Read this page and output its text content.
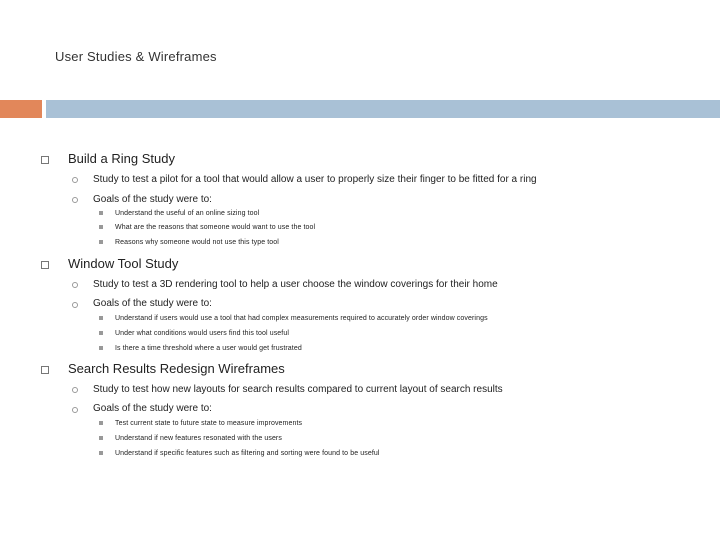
User Studies & Wireframes
Build a Ring Study
Study to test a pilot for a tool that would allow a user to properly size their finger to be fitted for a ring
Goals of the study were to:
Understand the useful of an online sizing tool
What are the reasons that someone would want to use the tool
Reasons why someone would not use this type tool
Window Tool Study
Study to test a 3D rendering tool to help a user choose the window coverings for their home
Goals of the study were to:
Understand if users would use a tool that had complex measurements required to accurately order window coverings
Under what conditions would users find this tool useful
Is there a time threshold where a user would get frustrated
Search Results Redesign Wireframes
Study to test how new layouts for search results compared to current layout of search results
Goals of the study were to:
Test current state to future state to measure improvements
Understand if new features resonated with the users
Understand if specific features such as filtering and sorting were found to be useful
